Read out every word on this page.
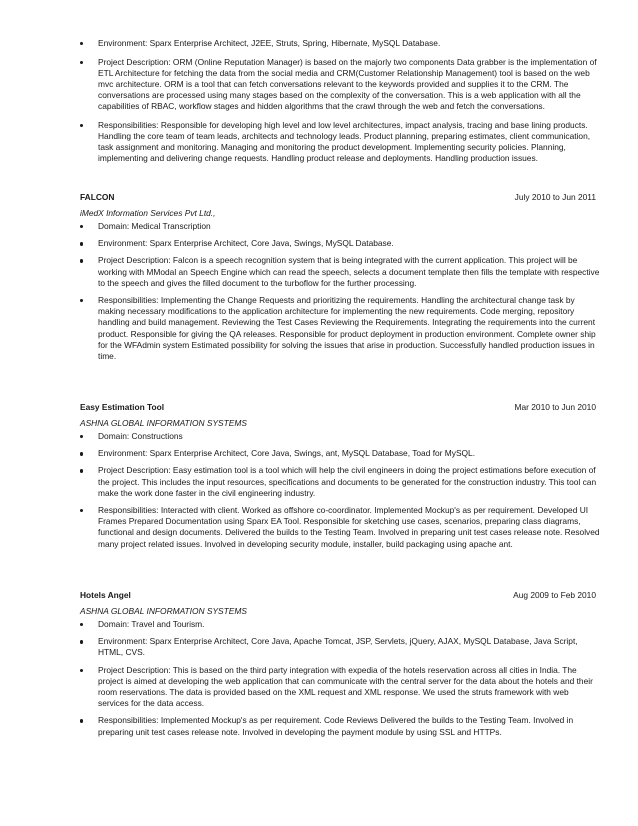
Environment: Sparx Enterprise Architect, J2EE, Struts, Spring, Hibernate, MySQL Database.
Project Description: ORM (Online Reputation Manager) is based on the majorly two components Data grabber is the implementation of ETL Architecture for fetching the data from the social media and CRM(Customer Relationship Management) tool is based on the web mvc architecture. ORM is a tool that can fetch conversations relevant to the keywords provided and supplies it to the CRM. The conversations are processed using many stages based on the complexity of the conversation. This is a web application with all the capabilities of RBAC, workflow stages and hidden algorithms that the crawl through the web and fetch the conversations.
Responsibilities: Responsible for developing high level and low level architectures, impact analysis, tracing and base lining products. Handling the core team of team leads, architects and technology leads. Product planning, preparing estimates, client communication, task assignment and monitoring. Managing and monitoring the product development. Implementing security policies. Planning, implementing and delivering change requests. Handling product release and deployments. Handling production issues.
FALCON	July 2010 to Jun 2011
iMedX Information Services Pvt Ltd.,
Domain: Medical Transcription
Environment: Sparx Enterprise Architect, Core Java, Swings, MySQL Database.
Project Description: Falcon is a speech recognition system that is being integrated with the current application. This project will be working with MModal an Speech Engine which can read the speech, selects a document template then fills the template with respective to the speech and gives the filled document to the turboflow for the further processing.
Responsibilities: Implementing the Change Requests and prioritizing the requirements. Handling the architectural change task by making necessary modifications to the application architecture for implementing the new requirements. Code merging, repository handling and build management. Reviewing the Test Cases Reviewing the Requirements. Integrating the requirements into the current product. Responsible for giving the QA releases. Responsible for product deployment in production environment. Complete owner ship for the WFAdmin system Estimated possibility for solving the issues that arise in production. Successfully handled production issues in time.
Easy Estimation Tool	Mar 2010 to Jun 2010
ASHNA GLOBAL INFORMATION SYSTEMS
Domain: Constructions
Environment: Sparx Enterprise Architect, Core Java, Swings, ant, MySQL Database, Toad for MySQL.
Project Description: Easy estimation tool is a tool which will help the civil engineers in doing the project estimations before execution of the project. This includes the input resources, specifications and documents to be generated for the construction industry. This tool can make the work done faster in the civil engineering industry.
Responsibilities: Interacted with client. Worked as offshore co-coordinator. Implemented Mockup's as per requirement. Developed UI Frames Prepared Documentation using Sparx EA Tool. Responsible for sketching use cases, scenarios, preparing class diagrams, functional and design documents. Delivered the builds to the Testing Team. Involved in preparing unit test cases release note. Resolved many project related issues. Involved in developing security module, installer, build packaging using apache ant.
Hotels Angel	Aug 2009 to Feb 2010
ASHNA GLOBAL INFORMATION SYSTEMS
Domain: Travel and Tourism.
Environment: Sparx Enterprise Architect, Core Java, Apache Tomcat, JSP, Servlets, jQuery, AJAX, MySQL Database, Java Script, HTML, CVS.
Project Description: This is based on the third party integration with expedia of the hotels reservation across all cities in India. The project is aimed at developing the web application that can communicate with the central server for the data about the hotels and their room reservations. The data is provided based on the XML request and XML response. We used the struts framework with web services for the data access.
Responsibilities: Implemented Mockup's as per requirement. Code Reviews Delivered the builds to the Testing Team. Involved in preparing unit test cases release note. Involved in developing the payment module by using SSL and HTTPs.
